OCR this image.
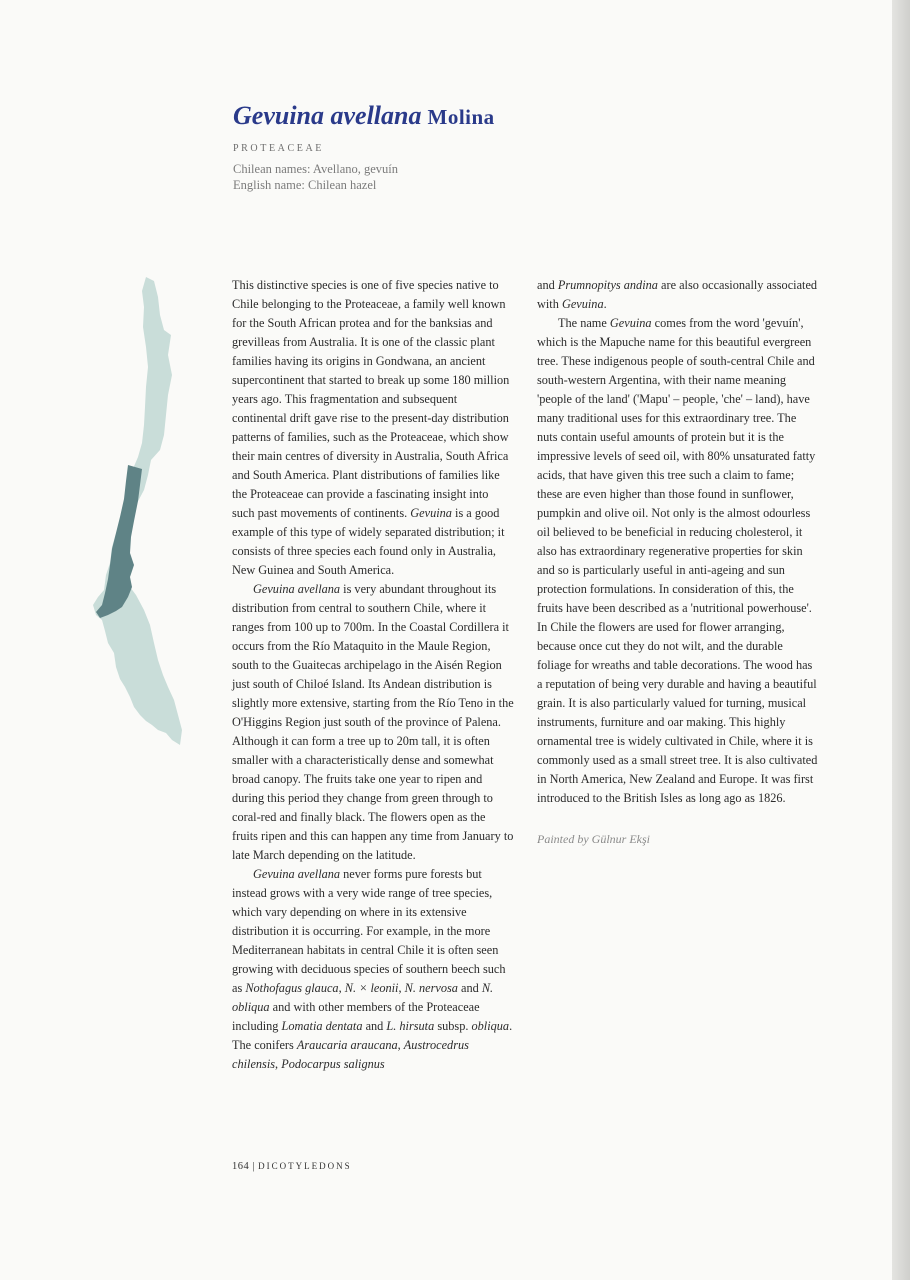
Gevuina avellana Molina
PROTEACEAE
Chilean names: Avellano, gevuín
English name: Chilean hazel

This distinctive species is one of five species native to Chile belonging to the Proteaceae, a family well known for the South African protea and for the banksias and grevilleas from Australia. It is one of the classic plant families having its origins in Gondwana, an ancient supercontinent that started to break up some 180 million years ago. This fragmentation and subsequent continental drift gave rise to the present-day distribution patterns of families, such as the Proteaceae, which show their main centres of diversity in Australia, South Africa and South America. Plant distributions of families like the Proteaceae can provide a fascinating insight into such past movements of continents. Gevuina is a good example of this type of widely separated distribution; it consists of three species each found only in Australia, New Guinea and South America.

Gevuina avellana is very abundant throughout its distribution from central to southern Chile, where it ranges from 100 up to 700m. In the Coastal Cordillera it occurs from the Río Mataquito in the Maule Region, south to the Guaitecas archipelago in the Aisén Region just south of Chiloé Island. Its Andean distribution is slightly more extensive, starting from the Río Teno in the O'Higgins Region just south of the province of Palena. Although it can form a tree up to 20m tall, it is often smaller with a characteristically dense and somewhat broad canopy. The fruits take one year to ripen and during this period they change from green through to coral-red and finally black. The flowers open as the fruits ripen and this can happen any time from January to late March depending on the latitude.

Gevuina avellana never forms pure forests but instead grows with a very wide range of tree species, which vary depending on where in its extensive distribution it is occurring. For example, in the more Mediterranean habitats in central Chile it is often seen growing with deciduous species of southern beech such as Nothofagus glauca, N. × leonii, N. nervosa and N. obliqua and with other members of the Proteaceae including Lomatia dentata and L. hirsuta subsp. obliqua. The conifers Araucaria araucana, Austrocedrus chilensis, Podocarpus salignus

and Prumnopitys andina are also occasionally associated with Gevuina.

The name Gevuina comes from the word 'gevuín', which is the Mapuche name for this beautiful evergreen tree. These indigenous people of south-central Chile and south-western Argentina, with their name meaning 'people of the land' ('Mapu' – people, 'che' – land), have many traditional uses for this extraordinary tree. The nuts contain useful amounts of protein but it is the impressive levels of seed oil, with 80% unsaturated fatty acids, that have given this tree such a claim to fame; these are even higher than those found in sunflower, pumpkin and olive oil. Not only is the almost odourless oil believed to be beneficial in reducing cholesterol, it also has extraordinary regenerative properties for skin and so is particularly useful in anti-ageing and sun protection formulations. In consideration of this, the fruits have been described as a 'nutritional powerhouse'. In Chile the flowers are used for flower arranging, because once cut they do not wilt, and the durable foliage for wreaths and table decorations. The wood has a reputation of being very durable and having a beautiful grain. It is also particularly valued for turning, musical instruments, furniture and oar making. This highly ornamental tree is widely cultivated in Chile, where it is commonly used as a small street tree. It is also cultivated in North America, New Zealand and Europe. It was first introduced to the British Isles as long ago as 1826.

Painted by Gülnur Ekşi

164 | DICOTYLEDONS
